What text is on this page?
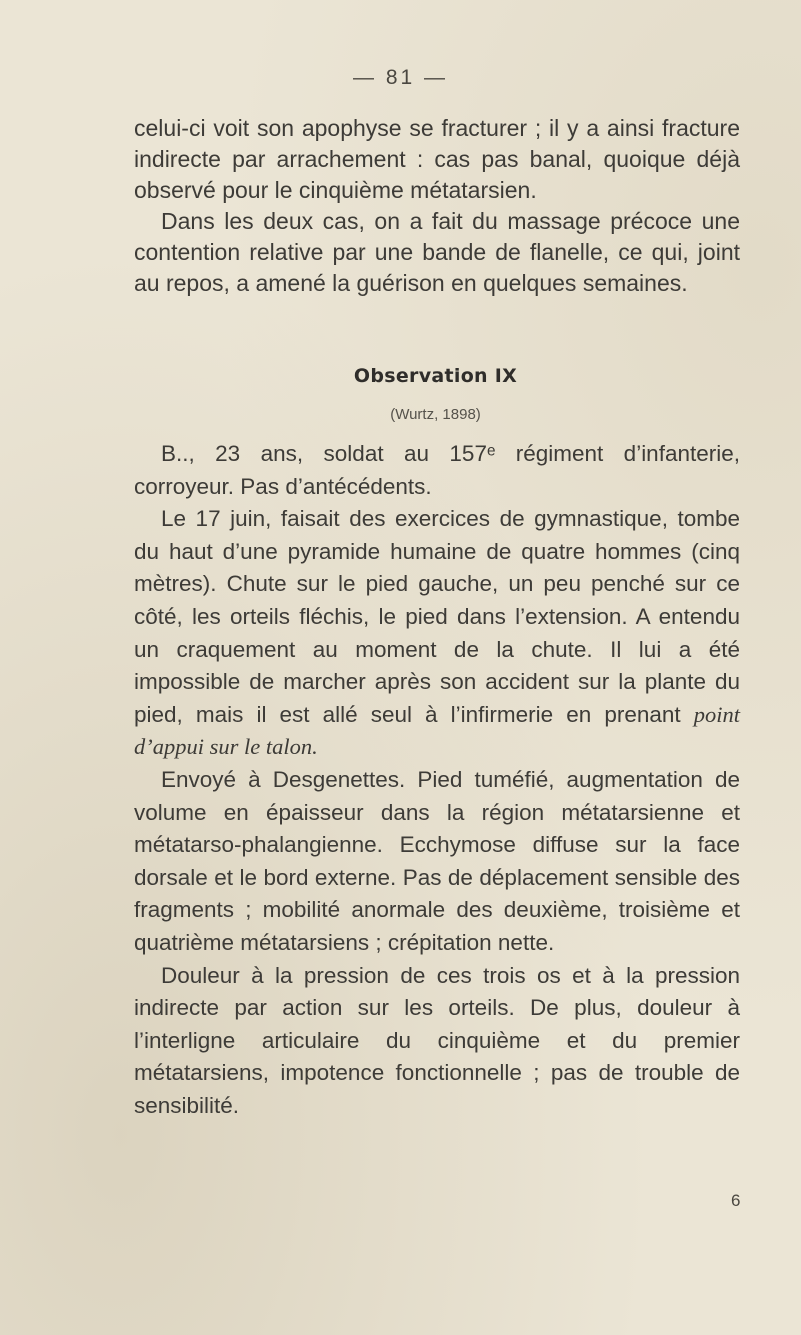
— 81 —

celui-ci voit son apophyse se fracturer ; il y a ainsi fracture indirecte par arrachement : cas pas banal, quoique déjà observé pour le cinquième métatarsien.

Dans les deux cas, on a fait du massage précoce une contention relative par une bande de flanelle, ce qui, joint au repos, a amené la guérison en quelques semaines.

Observation IX
(Wurtz, 1898)

B.., 23 ans, soldat au 157ᵉ régiment d’infanterie, corroyeur. Pas d’antécédents.

Le 17 juin, faisait des exercices de gymnastique, tombe du haut d’une pyramide humaine de quatre hommes (cinq mètres). Chute sur le pied gauche, un peu penché sur ce côté, les orteils fléchis, le pied dans l’extension. A entendu un craquement au moment de la chute. Il lui a été impossible de marcher après son accident sur la plante du pied, mais il est allé seul à l’infirmerie en prenant point d’appui sur le talon.

Envoyé à Desgenettes. Pied tuméfié, augmentation de volume en épaisseur dans la région métatarsienne et métatarso-phalangienne. Ecchymose diffuse sur la face dorsale et le bord externe. Pas de déplacement sensible des fragments ; mobilité anormale des deuxième, troisième et quatrième métatarsiens ; crépitation nette.

Douleur à la pression de ces trois os et à la pression indirecte par action sur les orteils. De plus, douleur à l’interligne articulaire du cinquième et du premier métatarsiens, impotence fonctionnelle ; pas de trouble de sensibilité.

6
